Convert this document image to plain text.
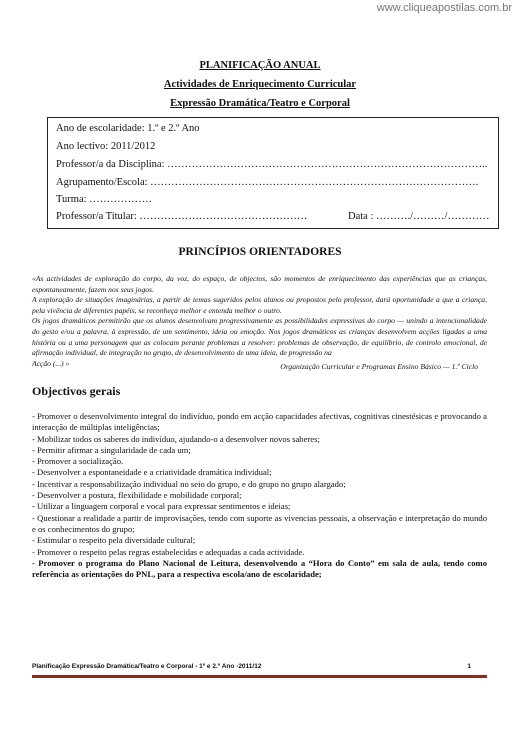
www.cliqueapostilas.com.br
PLANIFICAÇÃO ANUAL
Actividades de Enriquecimento Curricular
Expressão Dramática/Teatro e Corporal
Ano de escolaridade: 1.º e 2.º Ano
Ano lectivo: 2011/2012
Professor/a da Disciplina: ………………………………………………………………………………..
Agrupamento/Escola: ………………………………………………………………………………….
Turma: ………………
Professor/a Titular: …………………………………………	Data : ………./………/…………
PRINCÍPIOS ORIENTADORES

«As actividades de exploração do corpo, da voz, do espaço, de objectos, são momentos de enriquecimento das experiências que as crianças, espontaneamente, fazem nos seus jogos.

A exploração de situações imaginárias, a partir de temas sugeridos pelos alunos ou propostos pelo professor, dará oportunidade a que a criança, pela vivência de diferentes papéis, se reconheça melhor e entenda melhor o outro.

Os jogos dramáticos permitirão que os alunos desenvolvam progressivamente as possibilidades expressivas do corpo — unindo a intencionalidade do gesto e/ou a palavra, à expressão, de um sentimento, ideia ou emoção. Nos jogos dramáticos as crianças desenvolvem acções ligadas a uma história ou a uma personagem que as colocam perante problemas a resolver: problemas de observação, de equilíbrio, de controlo emocional, de afirmação individual, de integração no grupo, de desenvolvimento de uma ideia, de progressão na

Acção (...) »	Organização Curricular e Programas Ensino Básico — 1.º Ciclo
Objectivos gerais

- Promover o desenvolvimento integral do indivíduo, pondo em acção capacidades afectivas, cognitivas cinestésicas e provocando a interacção de múltiplas inteligências;

- Mobilizar todos os saberes do indivíduo, ajudando-o a desenvolver novos saberes;

- Permitir afirmar a singularidade de cada um;

- Promover a socialização.

- Desenvolver a espontaneidade e a criatividade dramática individual;

- Incentivar a responsabilização individual no seio do grupo, e do grupo no grupo alargado;

- Desenvolver a postura, flexibilidade e mobilidade corporal;

- Utilizar a linguagem corporal e vocal para expressar sentimentos e ideias;

- Questionar a realidade a partir de improvisações, tendo com suporte as vivencias pessoais, a observação e interpretação do mundo e os conhecimentos do grupo;

- Estimular o respeito pela diversidade cultural;

- Promover o respeito pelas regras estabelecidas e adequadas a cada actividade.

- Promover o programa do Plano Nacional de Leitura, desenvolvendo a “Hora do Conto” em sala de aula, tendo como referência as orientações do PNL, para a respectiva escola/ano de escolaridade;

Planificação Expressão Dramática/Teatro e Corporal - 1º e 2.º Ano -2011/12	1
